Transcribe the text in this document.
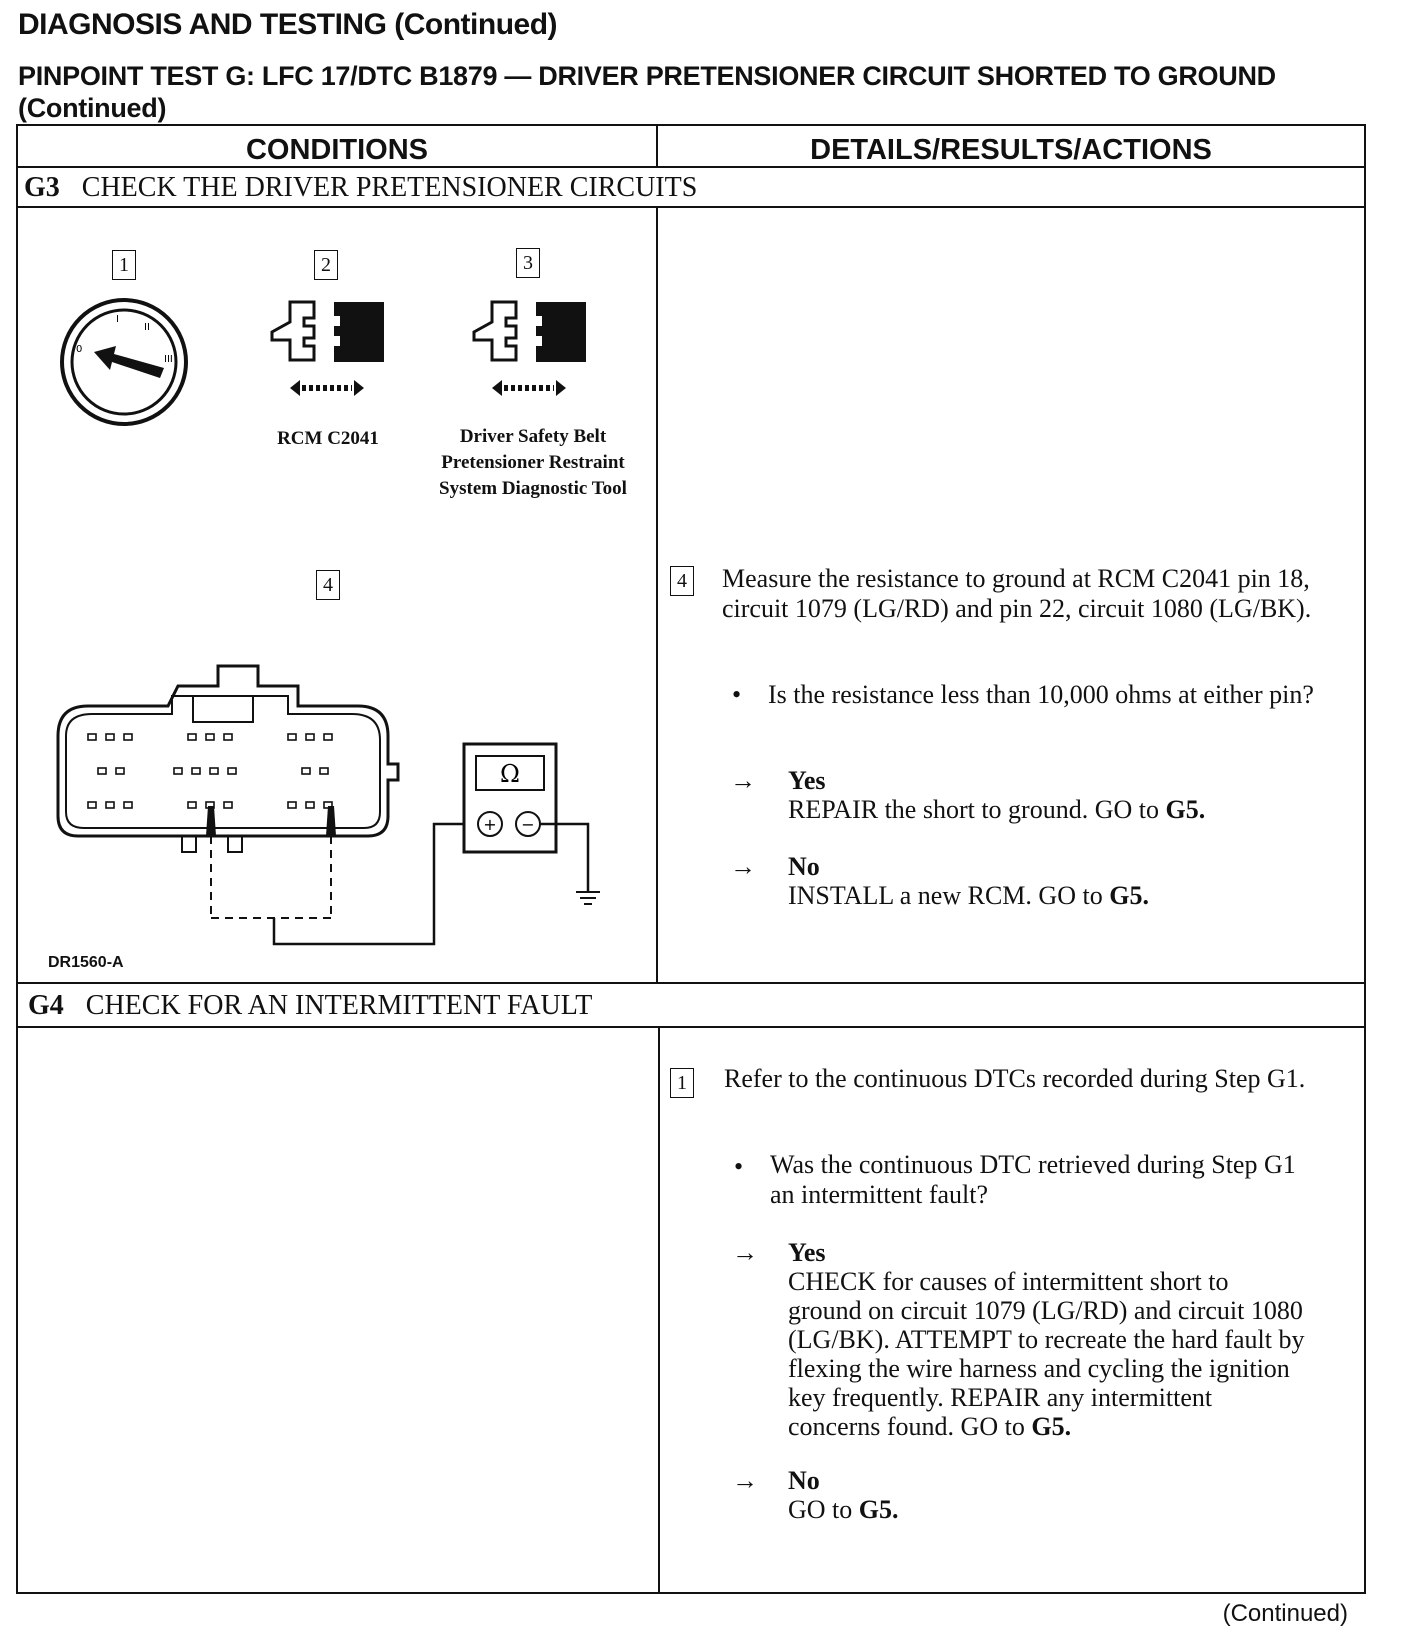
DIAGNOSIS AND TESTING (Continued)
PINPOINT TEST G: LFC 17/DTC B1879 — DRIVER PRETENSIONER CIRCUIT SHORTED TO GROUND (Continued)
CONDITIONS	DETAILS/RESULTS/ACTIONS
G3 CHECK THE DRIVER PRETENSIONER CIRCUITS
1	2	3
0
I
II
III
RCM C2041	Driver Safety Belt Pretensioner Restraint System Diagnostic Tool
4
Ω
+ −
DR1560-A
4 Measure the resistance to ground at RCM C2041 pin 18, circuit 1079 (LG/RD) and pin 22, circuit 1080 (LG/BK).
• Is the resistance less than 10,000 ohms at either pin?
→ Yes
REPAIR the short to ground. GO to G5.
→ No
INSTALL a new RCM. GO to G5.
G4 CHECK FOR AN INTERMITTENT FAULT
1 Refer to the continuous DTCs recorded during Step G1.
• Was the continuous DTC retrieved during Step G1 an intermittent fault?
→ Yes
CHECK for causes of intermittent short to ground on circuit 1079 (LG/RD) and circuit 1080 (LG/BK). ATTEMPT to recreate the hard fault by flexing the wire harness and cycling the ignition key frequently. REPAIR any intermittent concerns found. GO to G5.
→ No
GO to G5.
(Continued)
